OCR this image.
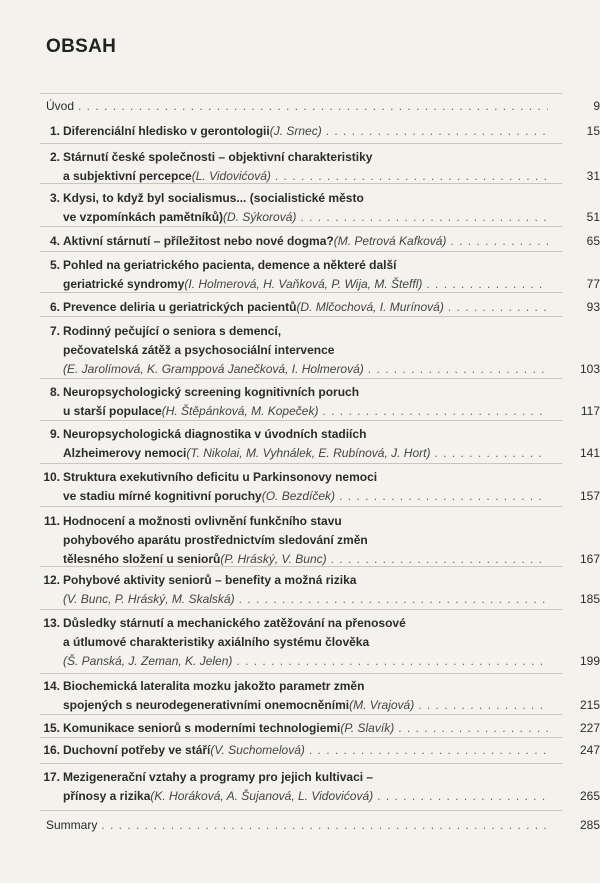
OBSAH
Úvod . . .	9
1. Diferenciální hledisko v gerontologii (J. Srnec) . . .	15
2. Stárnutí české společnosti – objektivní charakteristiky
a subjektivní percepce (L. Vidovićová) . . .	31
3. Kdysi, to když byl socialismus... (socialistické město
ve vzpomínkách pamětníků) (D. Sýkorová) . . .	51
4. Aktivní stárnutí – příležitost nebo nové dogma? (M. Petrová Kafková) . . .	65
5. Pohled na geriatrického pacienta, demence a některé další
geriatrické syndromy (I. Holmerová, H. Vaňková, P. Wija, M. Šteffl) . . .	77
6. Prevence deliria u geriatrických pacientů (D. Mlčochová, I. Murínová) . . .	93
7. Rodinný pečující o seniora s demencí,
pečovatelská zátěž a psychosociální intervence
(E. Jarolímová, K. Gramppová Janečková, I. Holmerová) . . .	103
8. Neuropsychologický screening kognitivních poruch
u starší populace (H. Štěpánková, M. Kopeček) . . .	117
9. Neuropsychologická diagnostika v úvodních stadiích
Alzheimerovy nemoci (T. Nikolai, M. Vyhnálek, E. Rubínová, J. Hort) . . .	141
10. Struktura exekutivního deficitu u Parkinsonovy nemoci
ve stadiu mírné kognitivní poruchy (O. Bezdíček) . . .	157
11. Hodnocení a možnosti ovlivnění funkčního stavu
pohybového aparátu prostřednictvím sledování změn
tělesného složení u seniorů (P. Hráský, V. Bunc) . . .	167
12. Pohybové aktivity seniorů – benefity a možná rizika
(V. Bunc, P. Hráský, M. Skalská) . . .	185
13. Důsledky stárnutí a mechanického zatěžování na přenosové
a útlumové charakteristiky axiálního systému člověka
(Š. Panská, J. Zeman, K. Jelen) . . .	199
14. Biochemická lateralita mozku jakožto parametr změn
spojených s neurodegenerativními onemocněními (M. Vrajová) . . .	215
15. Komunikace seniorů s moderními technologiemi (P. Slavík) . . .	227
16. Duchovní potřeby ve stáří (V. Suchomelová) . . .	247
17. Mezigenerační vztahy a programy pro jejich kultivaci –
přínosy a rizika (K. Horáková, A. Šujanová, L. Vidovićová) . . .	265
Summary . . .	285
